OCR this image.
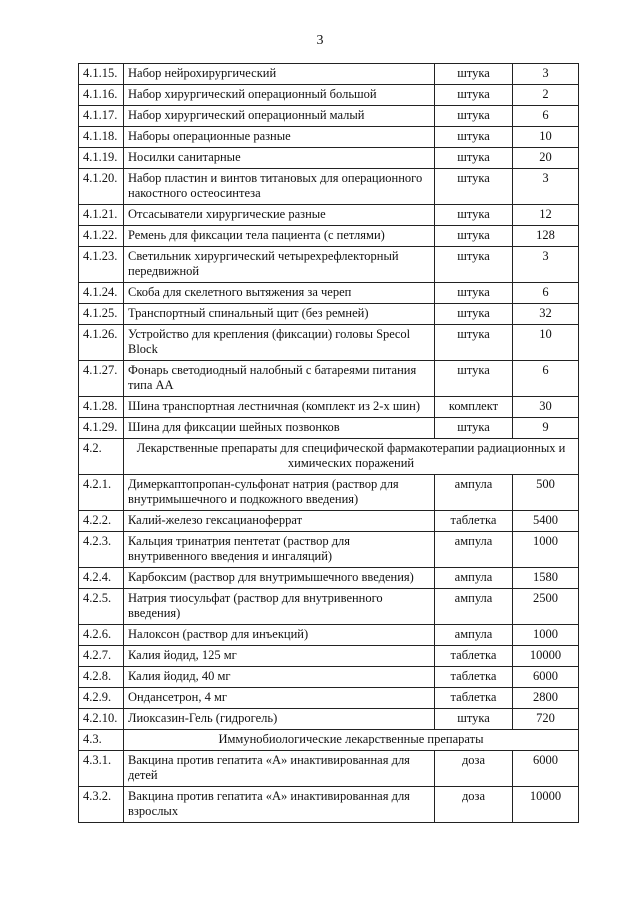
3
4.1.15.	Набор нейрохирургический	штука	3
4.1.16.	Набор хирургический операционный большой	штука	2
4.1.17.	Набор хирургический операционный малый	штука	6
4.1.18.	Наборы операционные разные	штука	10
4.1.19.	Носилки санитарные	штука	20
4.1.20.	Набор пластин и винтов титановых для операционного накостного остеосинтеза	штука	3
4.1.21.	Отсасыватели хирургические разные	штука	12
4.1.22.	Ремень для фиксации тела пациента (с петлями)	штука	128
4.1.23.	Светильник хирургический четырехрефлекторный передвижной	штука	3
4.1.24.	Скоба для скелетного вытяжения за череп	штука	6
4.1.25.	Транспортный спинальный щит (без ремней)	штука	32
4.1.26.	Устройство для крепления (фиксации) головы Specol Block	штука	10
4.1.27.	Фонарь светодиодный налобный с батареями питания типа АА	штука	6
4.1.28.	Шина транспортная лестничная (комплект из 2-х шин)	комплект	30
4.1.29.	Шина для фиксации шейных позвонков	штука	9
4.2.	Лекарственные препараты для специфической фармакотерапии радиационных и химических поражений		
4.2.1.	Димеркаптопропан-сульфонат натрия (раствор для внутримышечного и подкожного введения)	ампула	500
4.2.2.	Калий-железо гексацианоферрат	таблетка	5400
4.2.3.	Кальция тринатрия пентетат (раствор для внутривенного введения и ингаляций)	ампула	1000
4.2.4.	Карбоксим (раствор для внутримышечного введения)	ампула	1580
4.2.5.	Натрия тиосульфат (раствор для внутривенного введения)	ампула	2500
4.2.6.	Налоксон (раствор для инъекций)	ампула	1000
4.2.7.	Калия йодид, 125 мг	таблетка	10000
4.2.8.	Калия йодид, 40 мг	таблетка	6000
4.2.9.	Ондансетрон, 4 мг	таблетка	2800
4.2.10.	Лиоксазин-Гель (гидрогель)	штука	720
4.3.	Иммунобиологические лекарственные препараты		
4.3.1.	Вакцина против гепатита «А» инактивированная для детей	доза	6000
4.3.2.	Вакцина против гепатита «А» инактивированная для взрослых	доза	10000
